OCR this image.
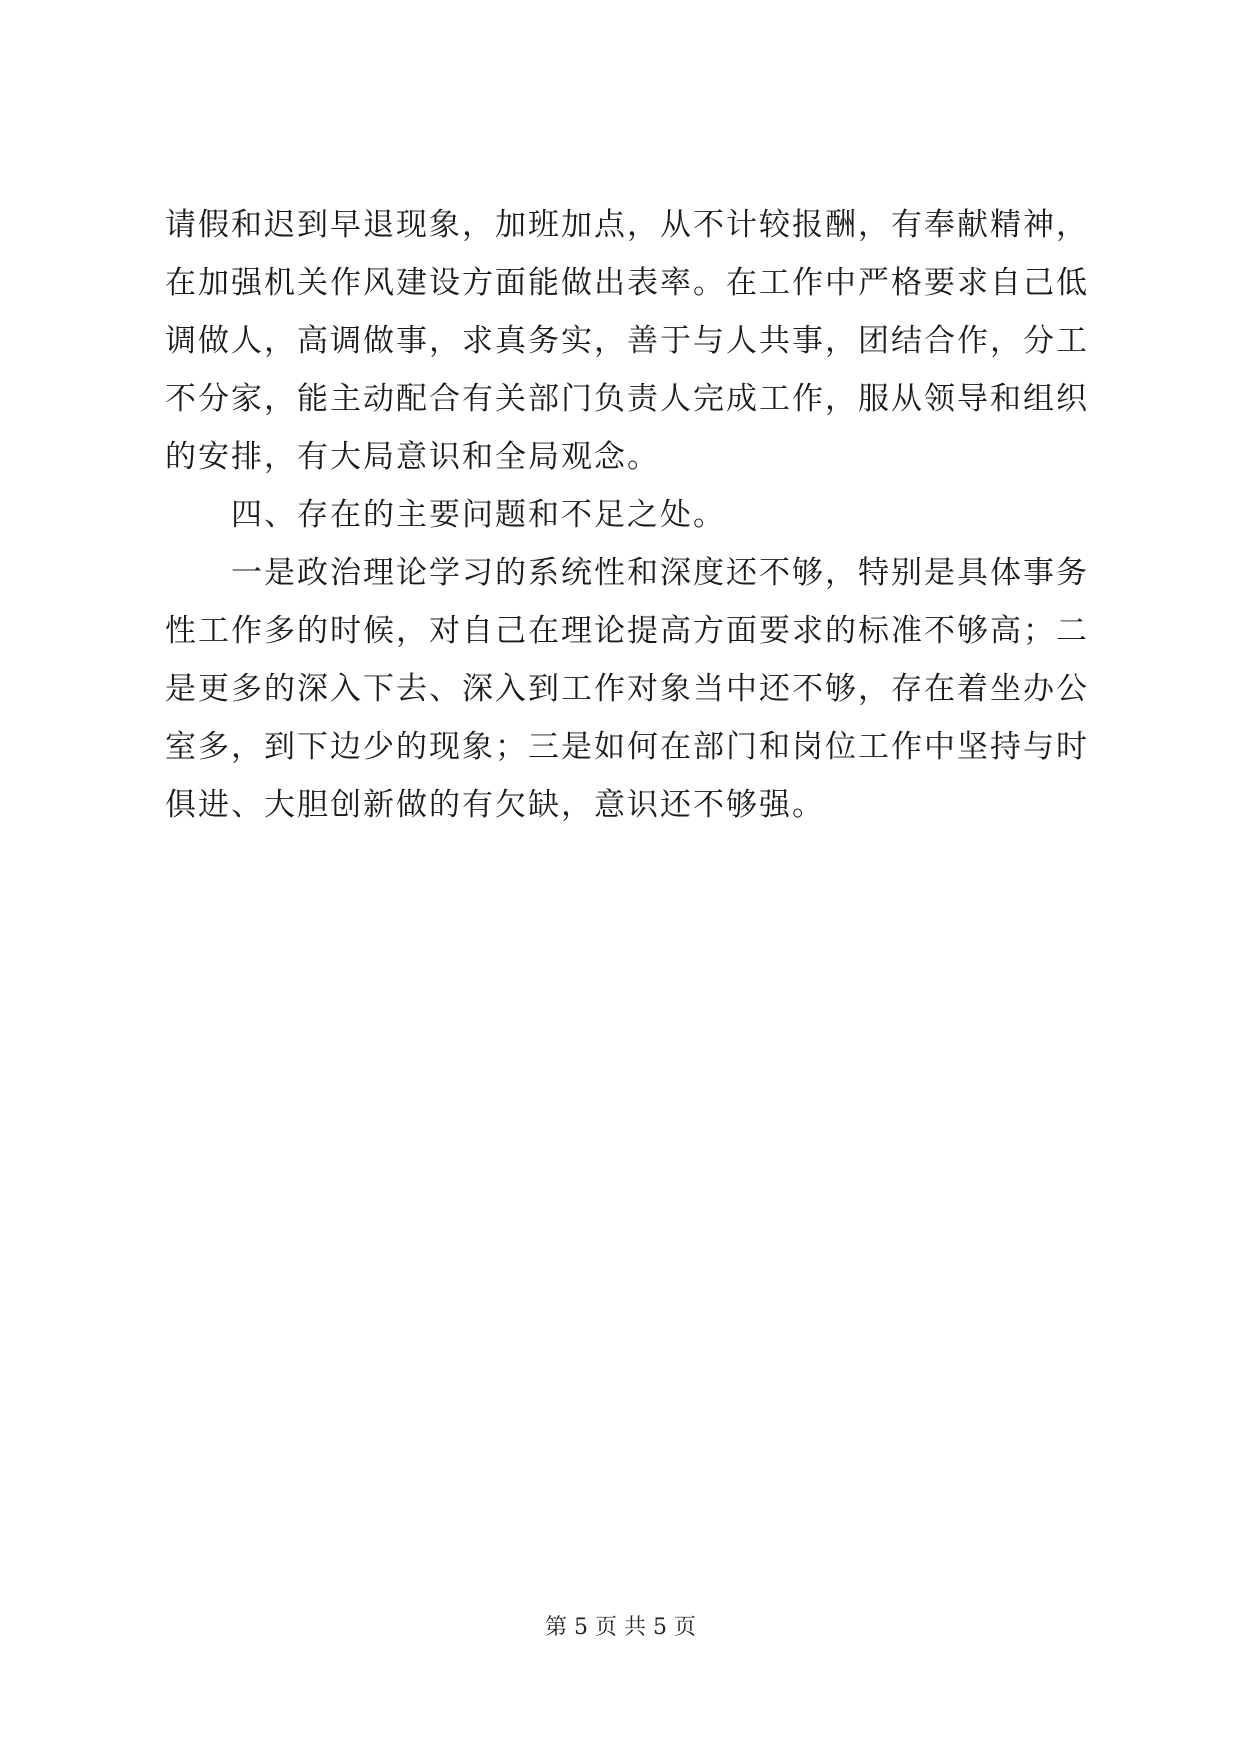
请假和迟到早退现象，加班加点，从不计较报酬，有奉献精神，
在加强机关作风建设方面能做出表率。在工作中严格要求自己低
调做人，高调做事，求真务实，善于与人共事，团结合作，分工
不分家，能主动配合有关部门负责人完成工作，服从领导和组织
的安排，有大局意识和全局观念。
四、存在的主要问题和不足之处。
一是政治理论学习的系统性和深度还不够，特别是具体事务
性工作多的时候，对自己在理论提高方面要求的标准不够高；二
是更多的深入下去、深入到工作对象当中还不够，存在着坐办公
室多，到下边少的现象；三是如何在部门和岗位工作中坚持与时
俱进、大胆创新做的有欠缺，意识还不够强。
第 5 页 共 5 页
